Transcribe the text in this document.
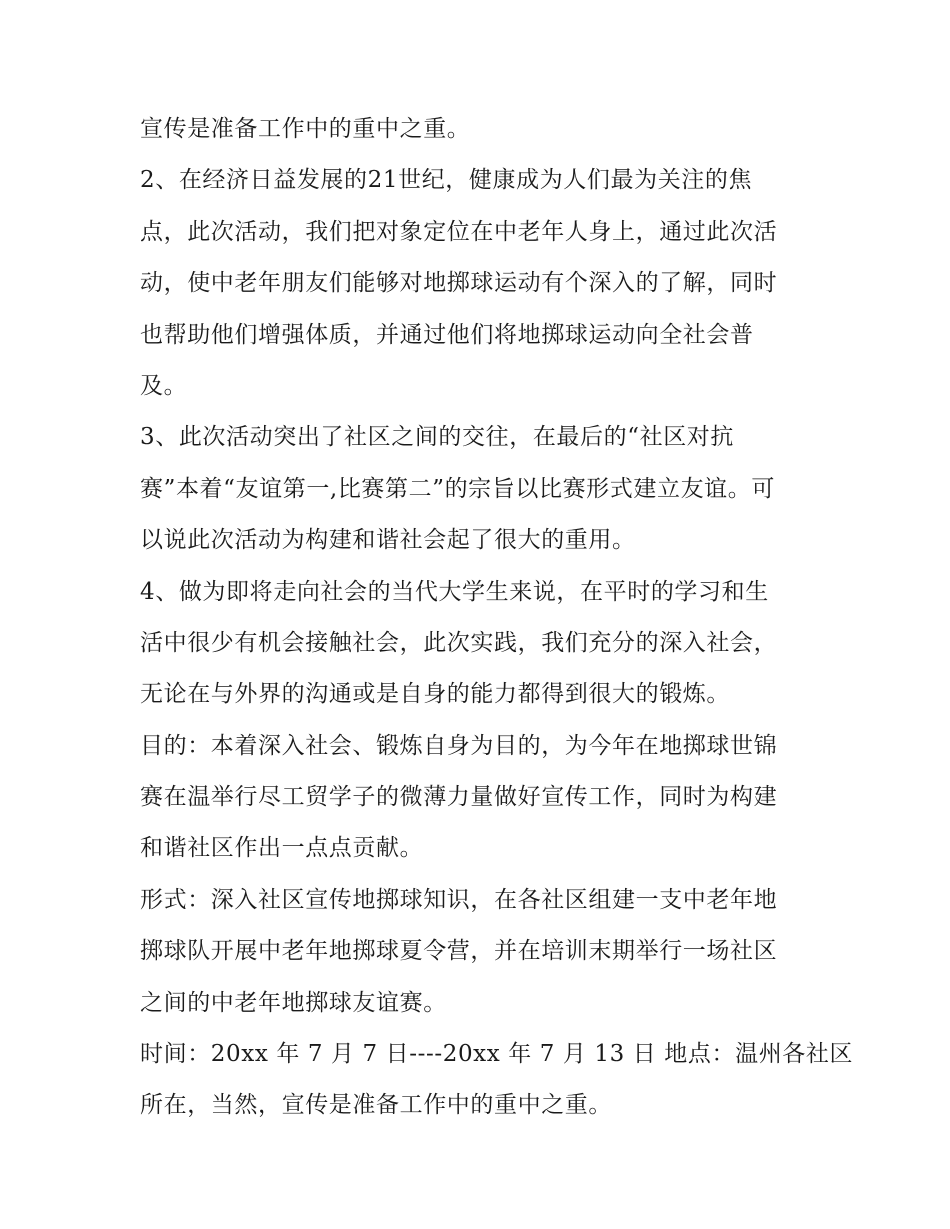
宣传是准备工作中的重中之重。
2、在经济日益发展的21世纪，健康成为人们最为关注的焦
点，此次活动，我们把对象定位在中老年人身上，通过此次活
动，使中老年朋友们能够对地掷球运动有个深入的了解，同时
也帮助他们增强体质，并通过他们将地掷球运动向全社会普
及。
3、此次活动突出了社区之间的交往，在最后的“社区对抗
赛”本着“友谊第一,比赛第二”的宗旨以比赛形式建立友谊。可
以说此次活动为构建和谐社会起了很大的重用。
4、做为即将走向社会的当代大学生来说，在平时的学习和生
活中很少有机会接触社会，此次实践，我们充分的深入社会，
无论在与外界的沟通或是自身的能力都得到很大的锻炼。
目的：本着深入社会、锻炼自身为目的，为今年在地掷球世锦
赛在温举行尽工贸学子的微薄力量做好宣传工作，同时为构建
和谐社区作出一点点贡献。
形式：深入社区宣传地掷球知识，在各社区组建一支中老年地
掷球队开展中老年地掷球夏令营，并在培训末期举行一场社区
之间的中老年地掷球友谊赛。
时间：20xx 年 7 月 7 日----20xx 年 7 月 13 日 地点：温州各社区
所在，当然，宣传是准备工作中的重中之重。
